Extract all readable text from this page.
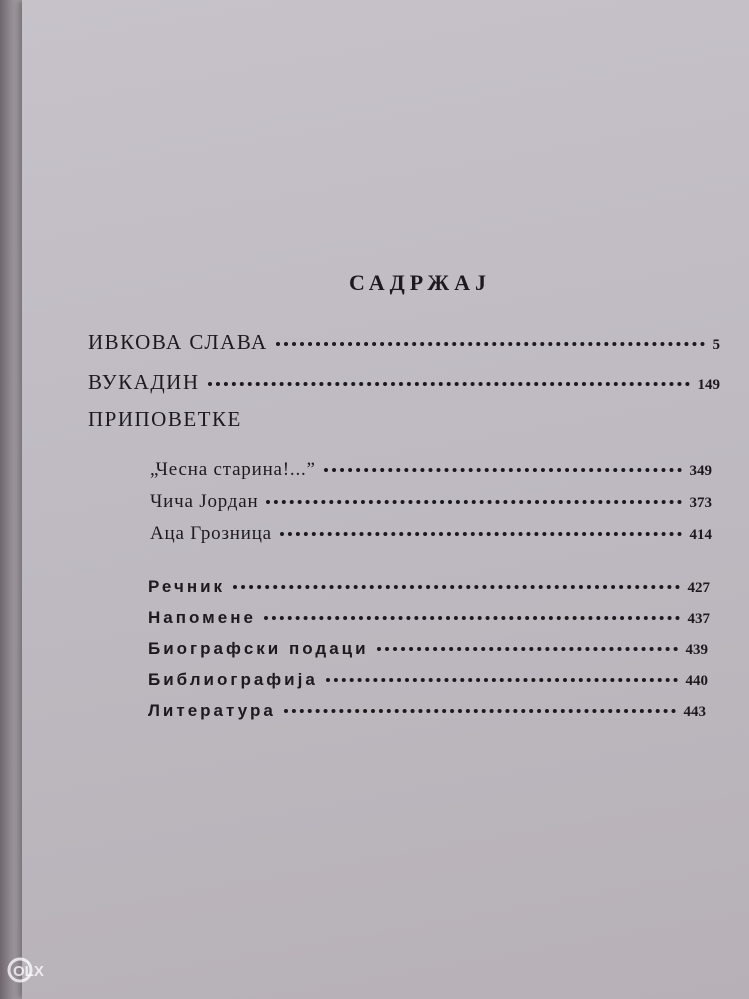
САДРЖАЈ
ИВКОВА СЛАВА	5
ВУКАДИН	149
ПРИПОВЕТКЕ
„Чесна старина!...”	349
Чича Јордан	373
Аца Грозница	414
Речник	427
Напомене	437
Биографски подаци	439
Библиографија	440
Литература	443
OLX
